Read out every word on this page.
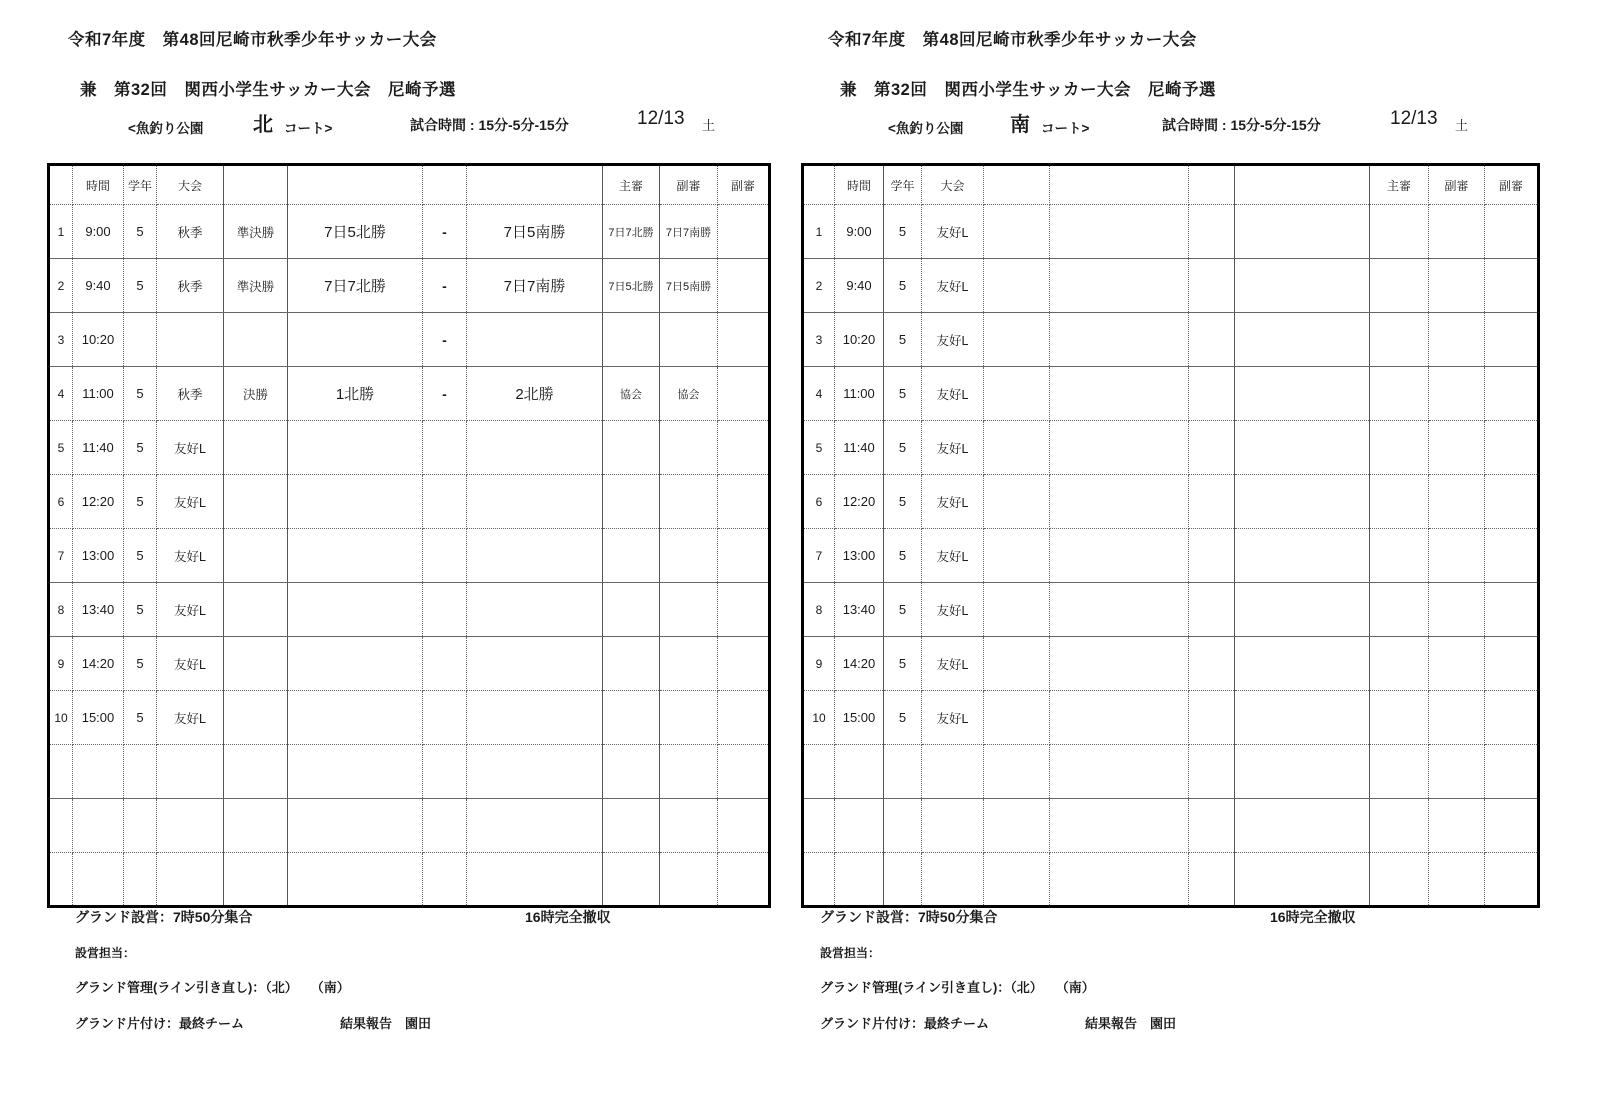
令和7年度　第48回尼崎市秋季少年サッカー大会
兼　第32回　関西小学生サッカー大会　尼崎予選
<魚釣り公園 北 コート>	試合時間 : 15分-5分-15分	12/13 土
	時間	学年	大会					主審	副審	副審
1	9:00	5	秋季	準決勝	7日5北勝	-	7日5南勝	7日7北勝	7日7南勝	
2	9:40	5	秋季	準決勝	7日7北勝	-	7日7南勝	7日5北勝	7日5南勝	
3	10:20					-				
4	11:00	5	秋季	決勝	1北勝	-	2北勝	協会	協会	
5	11:40	5	友好L							
6	12:20	5	友好L							
7	13:00	5	友好L							
8	13:40	5	友好L							
9	14:20	5	友好L							
10	15:00	5	友好L							

グランド設営：7時50分集合	16時完全撤収
設営担当：
グランド管理(ライン引き直し)：（北）　　（南）
グランド片付け：最終チーム	結果報告　園田
令和7年度　第48回尼崎市秋季少年サッカー大会
兼　第32回　関西小学生サッカー大会　尼崎予選
<魚釣り公園 南 コート>	試合時間 : 15分-5分-15分	12/13 土
	時間	学年	大会					主審	副審	副審
1	9:00	5	友好L							
2	9:40	5	友好L							
3	10:20	5	友好L							
4	11:00	5	友好L							
5	11:40	5	友好L							
6	12:20	5	友好L							
7	13:00	5	友好L							
8	13:40	5	友好L							
9	14:20	5	友好L							
10	15:00	5	友好L							

グランド設営：7時50分集合	16時完全撤収
設営担当：
グランド管理(ライン引き直し)：（北）　　（南）
グランド片付け：最終チーム	結果報告　園田
